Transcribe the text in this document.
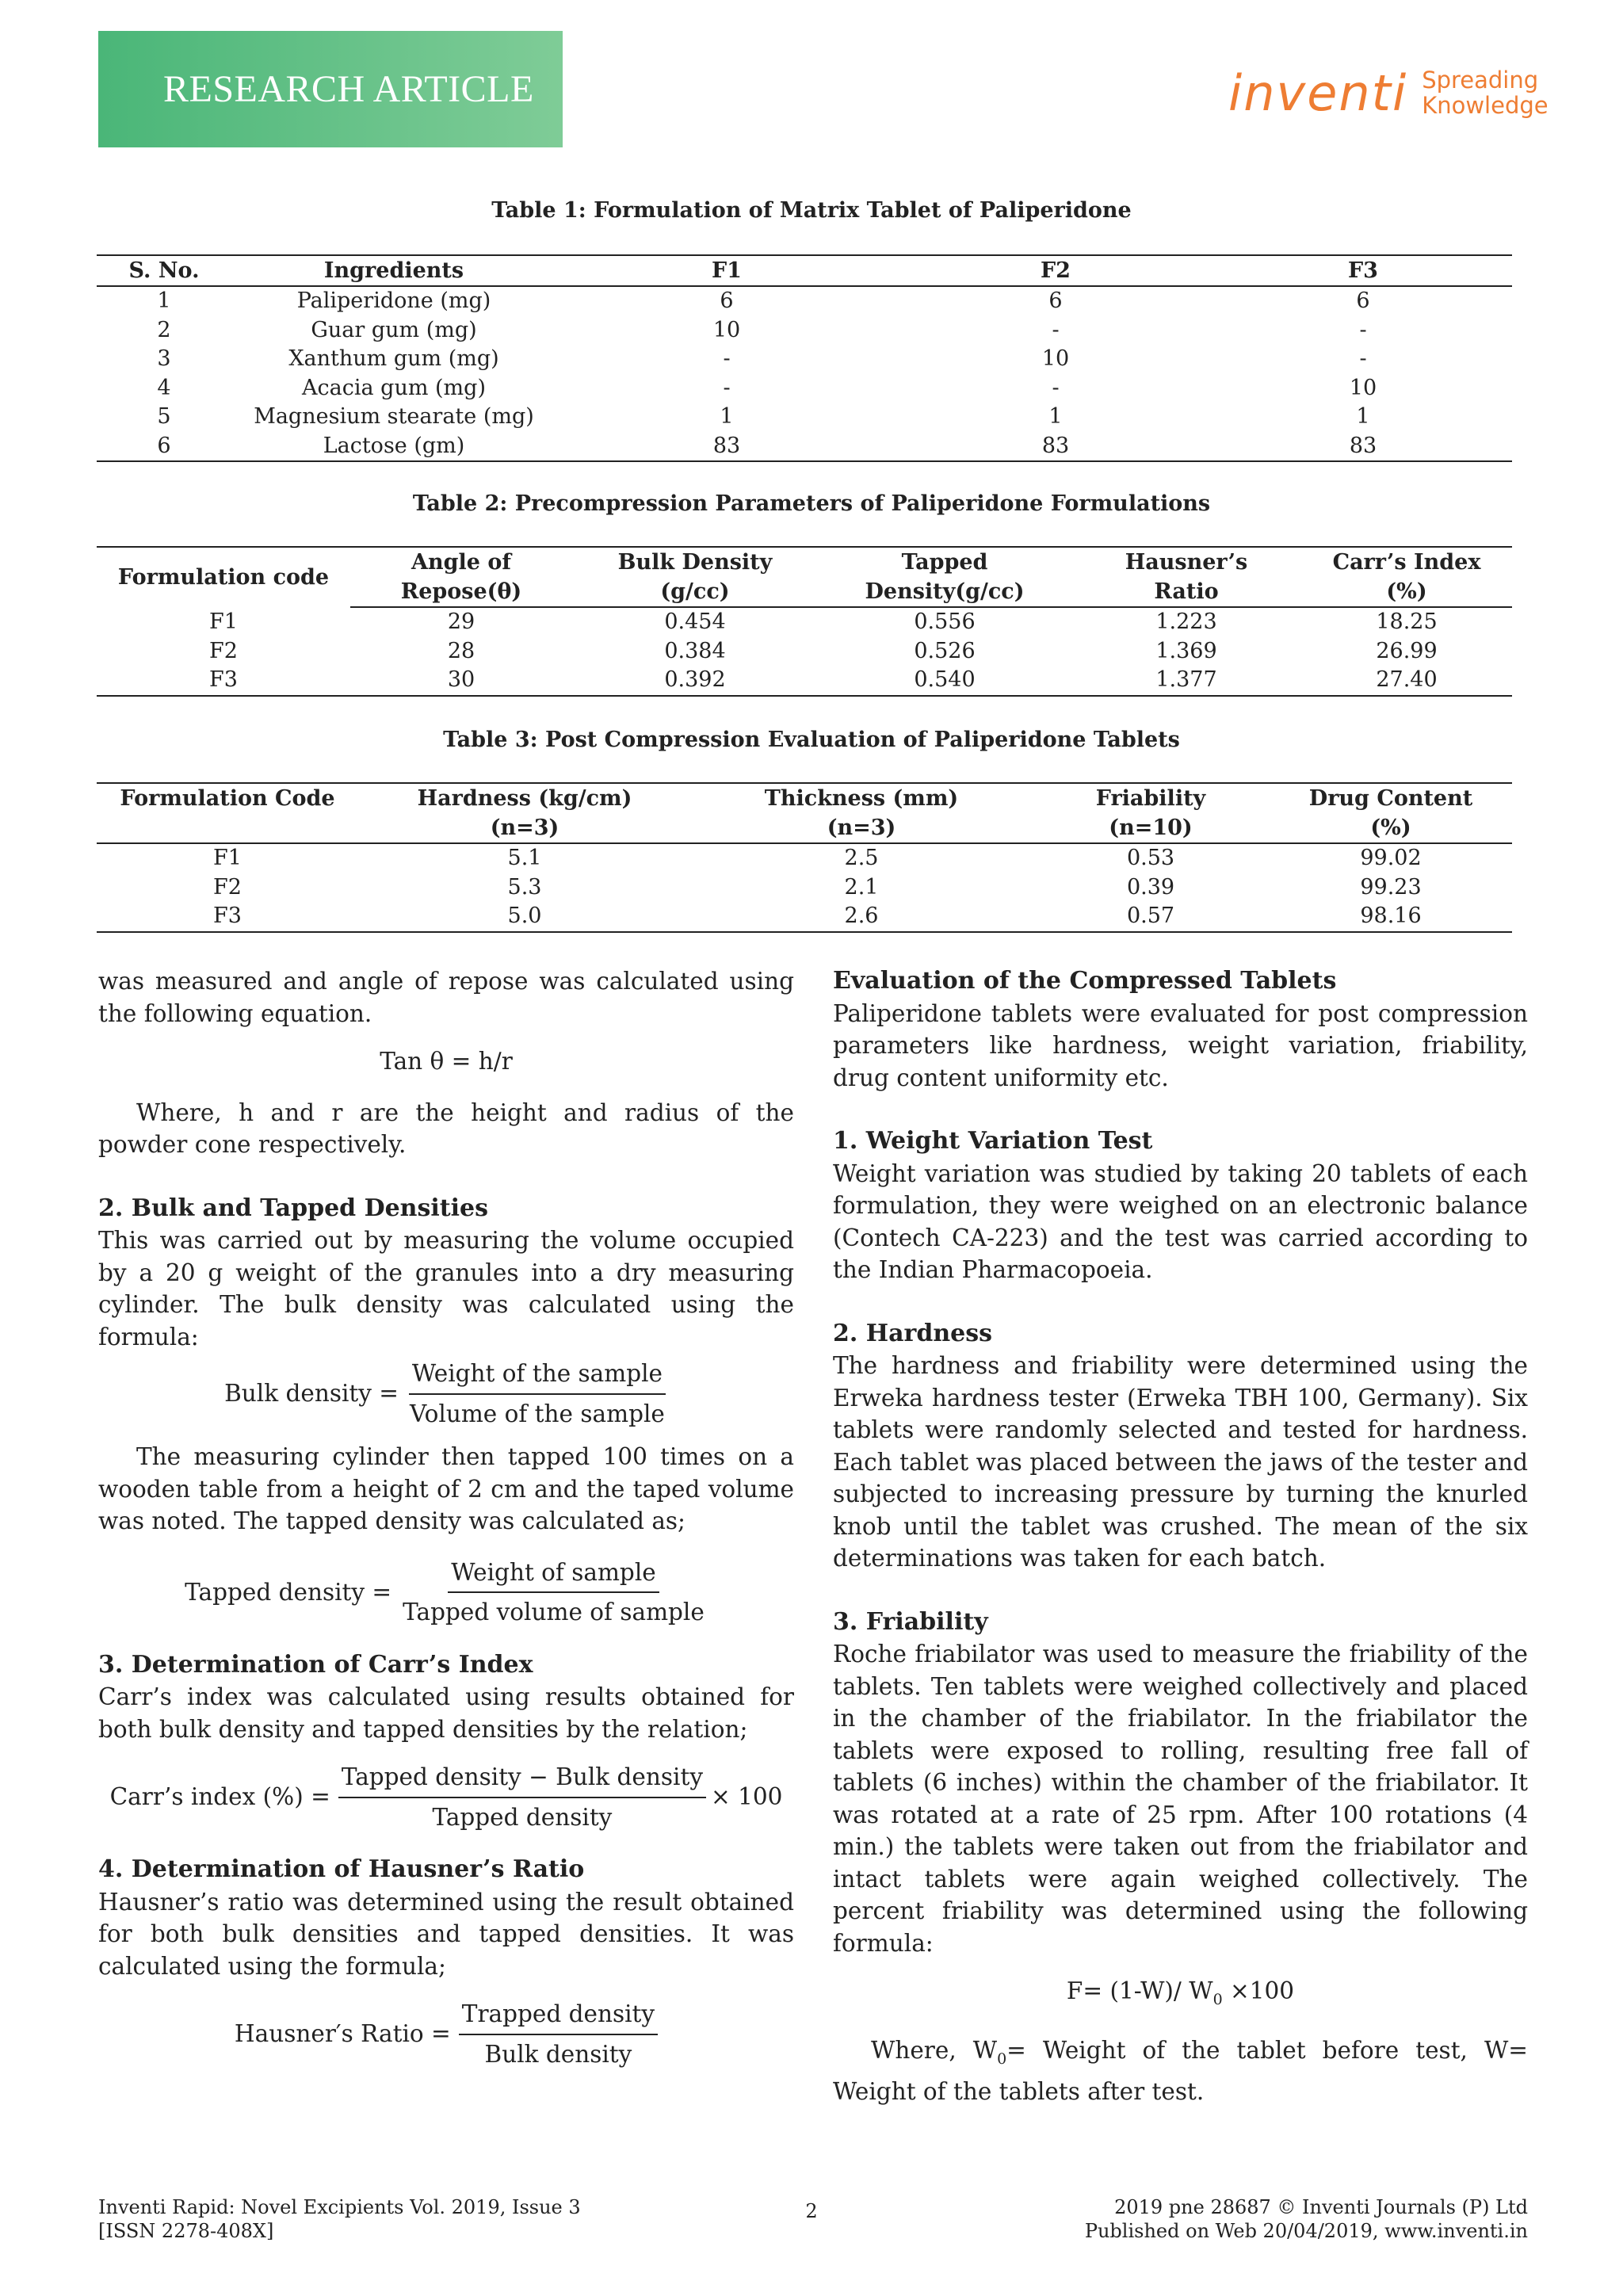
RESEARCH ARTICLE	inventi Spreading
Knowledge
Table 1: Formulation of Matrix Tablet of Paliperidone
S. No.	Ingredients	F1	F2	F3
1	Paliperidone (mg)	6	6	6
2	Guar gum (mg)	10	-	-
3	Xanthum gum (mg)	-	10	-
4	Acacia gum (mg)	-	-	10
5	Magnesium stearate (mg)	1	1	1
6	Lactose (gm)	83	83	83
Table 2: Precompression Parameters of Paliperidone Formulations
Formulation code	Angle of	Bulk Density	Tapped	Hausner’s	Carr’s Index
	Repose(θ)	(g/cc)	Density(g/cc)	Ratio	(%)
F1	29	0.454	0.556	1.223	18.25
F2	28	0.384	0.526	1.369	26.99
F3	30	0.392	0.540	1.377	27.40
Table 3: Post Compression Evaluation of Paliperidone Tablets
Formulation Code	Hardness (kg/cm)	Thickness (mm)	Friability	Drug Content
	(n=3)	(n=3)	(n=10)	(%)
F1	5.1	2.5	0.53	99.02
F2	5.3	2.1	0.39	99.23
F3	5.0	2.6	0.57	98.16

was measured and angle of repose was calculated using the following equation.

Tan θ = h/r

Where, h and r are the height and radius of the powder cone respectively.

2. Bulk and Tapped Densities

This was carried out by measuring the volume occupied by a 20 g weight of the granules into a dry measuring cylinder. The bulk density was calculated using the formula:

Bulk density = $\frac{\text{Weight of the sample}}{\text{Volume of the sample}}$

The measuring cylinder then tapped 100 times on a wooden table from a height of 2 cm and the taped volume was noted. The tapped density was calculated as;

Tapped density = $\frac{\text{Weight of sample}}{\text{Tapped volume of sample}}$
3. Determination of Carr’s Index

Carr’s index was calculated using results obtained for both bulk density and tapped densities by the relation;

Carr’s index (%) = $\frac{\text{Tapped density − Bulk density}}{\text{Tapped density}} \times 100$
4. Determination of Hausner’s Ratio

Hausner’s ratio was determined using the result obtained for both bulk densities and tapped densities. It was calculated using the formula;

Hausner′s Ratio = $\frac{\text{Trapped density}}{\text{Bulk density}}$
Evaluation of the Compressed Tablets

Paliperidone tablets were evaluated for post compression parameters like hardness, weight variation, friability, drug content uniformity etc.

1. Weight Variation Test

Weight variation was studied by taking 20 tablets of each formulation, they were weighed on an electronic balance (Contech CA-223) and the test was carried according to the Indian Pharmacopoeia.

2. Hardness

The hardness and friability were determined using the Erweka hardness tester (Erweka TBH 100, Germany). Six tablets were randomly selected and tested for hardness. Each tablet was placed between the jaws of the tester and subjected to increasing pressure by turning the knurled knob until the tablet was crushed. The mean of the six determinations was taken for each batch.

3. Friability

Roche friabilator was used to measure the friability of the tablets. Ten tablets were weighed collectively and placed in the chamber of the friabilator. In the friabilator the tablets were exposed to rolling, resulting free fall of tablets (6 inches) within the chamber of the friabilator. It was rotated at a rate of 25 rpm. After 100 rotations (4 min.) the tablets were taken out from the friabilator and intact tablets were again weighed collectively. The percent friability was determined using the following formula:

F= (1-W)/ $W_0 \times 100$

Where, $W_0=$ Weight of the tablet before test, W= Weight of the tablets after test.

Inventi Rapid: Novel Excipients Vol. 2019, Issue 3
[ISSN 2278-408X]
2	2019 pne 28687 © Inventi Journals (P) Ltd
Published on Web 20/04/2019, www.inventi.in
